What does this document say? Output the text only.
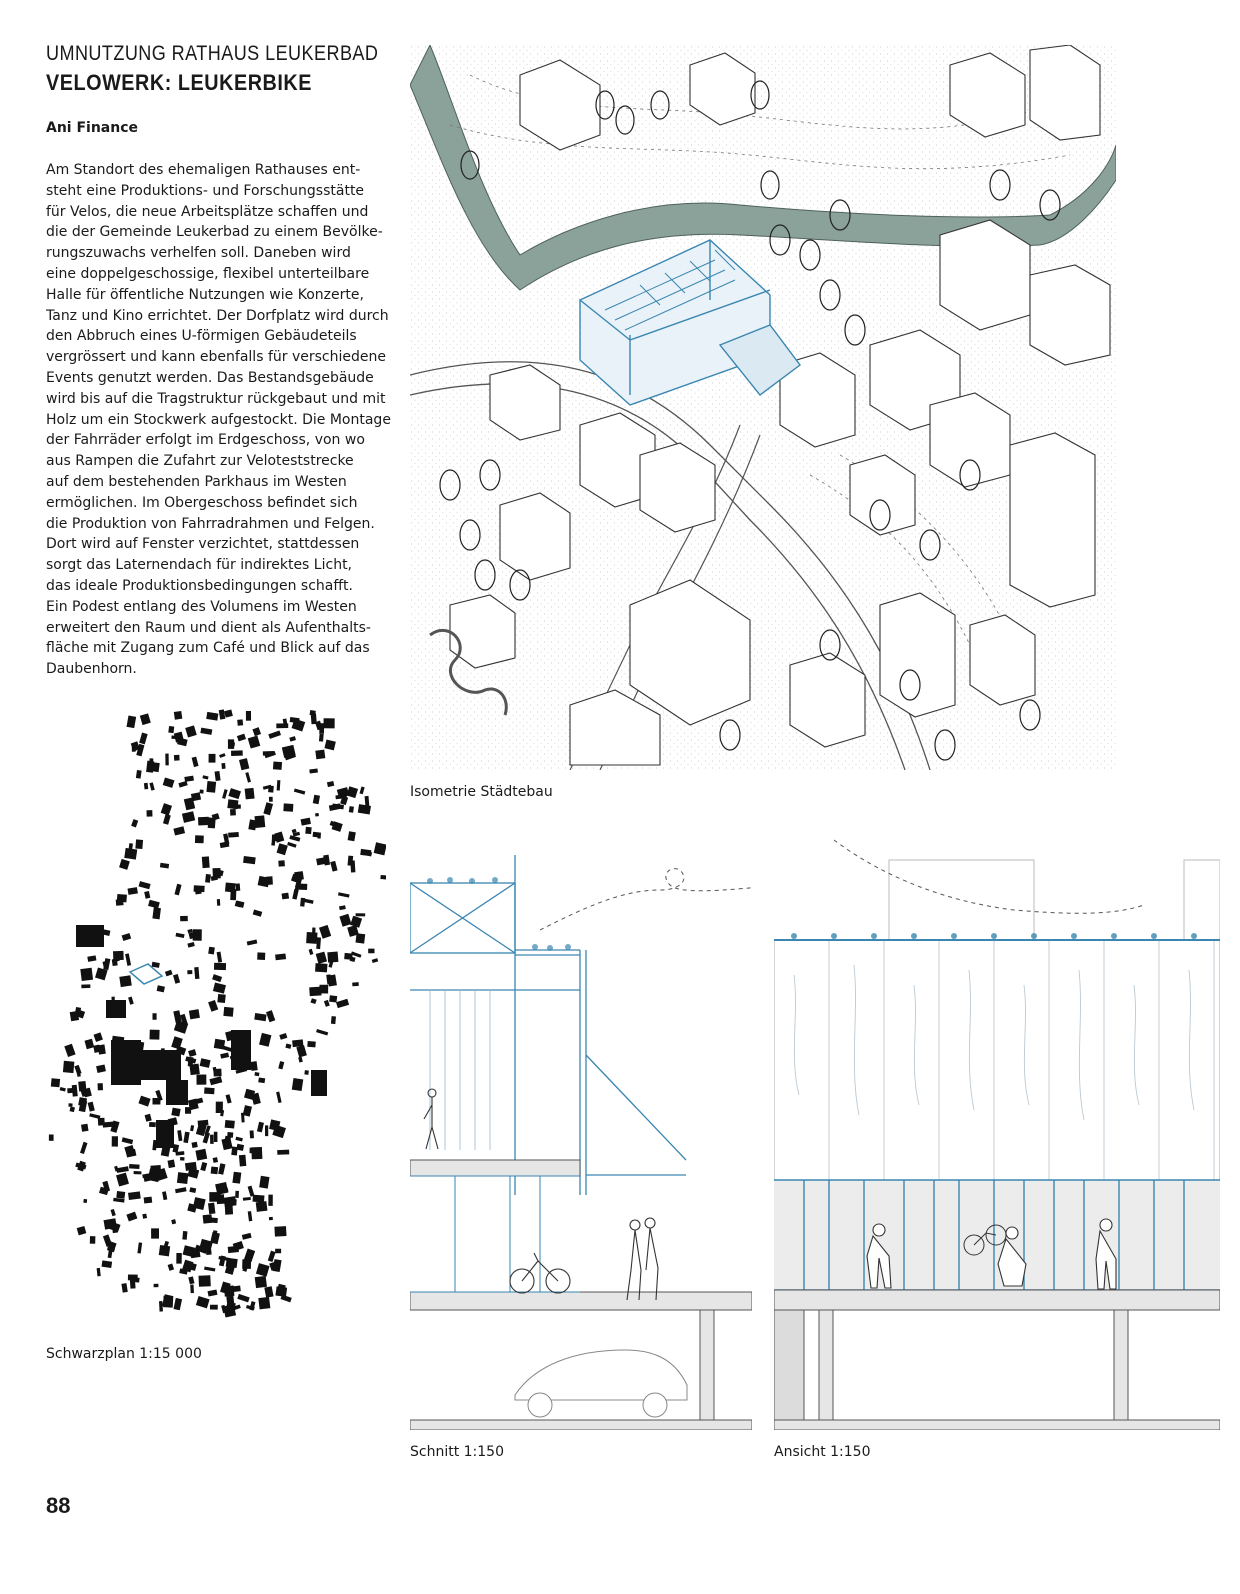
UMNUTZUNG RATHAUS LEUKERBAD
VELOWERK: LEUKERBIKE
Ani Finance
Am Standort des ehemaligen Rathauses ent-
steht eine Produktions- und Forschungsstätte
für Velos, die neue Arbeitsplätze schaffen und
die der Gemeinde Leukerbad zu einem Bevölke-
rungszuwachs verhelfen soll. Daneben wird
eine doppelgeschossige, flexibel unterteilbare
Halle für öffentliche Nutzungen wie Konzerte,
Tanz und Kino errichtet. Der Dorfplatz wird durch
den Abbruch eines U-förmigen Gebäudeteils
vergrössert und kann ebenfalls für verschiedene
Events genutzt werden. Das Bestandsgebäude
wird bis auf die Tragstruktur rückgebaut und mit
Holz um ein Stockwerk aufgestockt. Die Montage
der Fahrräder erfolgt im Erdgeschoss, von wo
aus Rampen die Zufahrt zur Veloteststrecke
auf dem bestehenden Parkhaus im Westen
ermöglichen. Im Obergeschoss befindet sich
die Produktion von Fahrradrahmen und Felgen.
Dort wird auf Fenster verzichtet, stattdessen
sorgt das Laternendach für indirektes Licht,
das ideale Produktionsbedingungen schafft.
Ein Podest entlang des Volumens im Westen
erweitert den Raum und dient als Aufenthalts-
fläche mit Zugang zum Café und Blick auf das
Daubenhorn.
Isometrie Städtebau
Schwarzplan 1:15 000
Schnitt 1:150	Ansicht 1:150
88
